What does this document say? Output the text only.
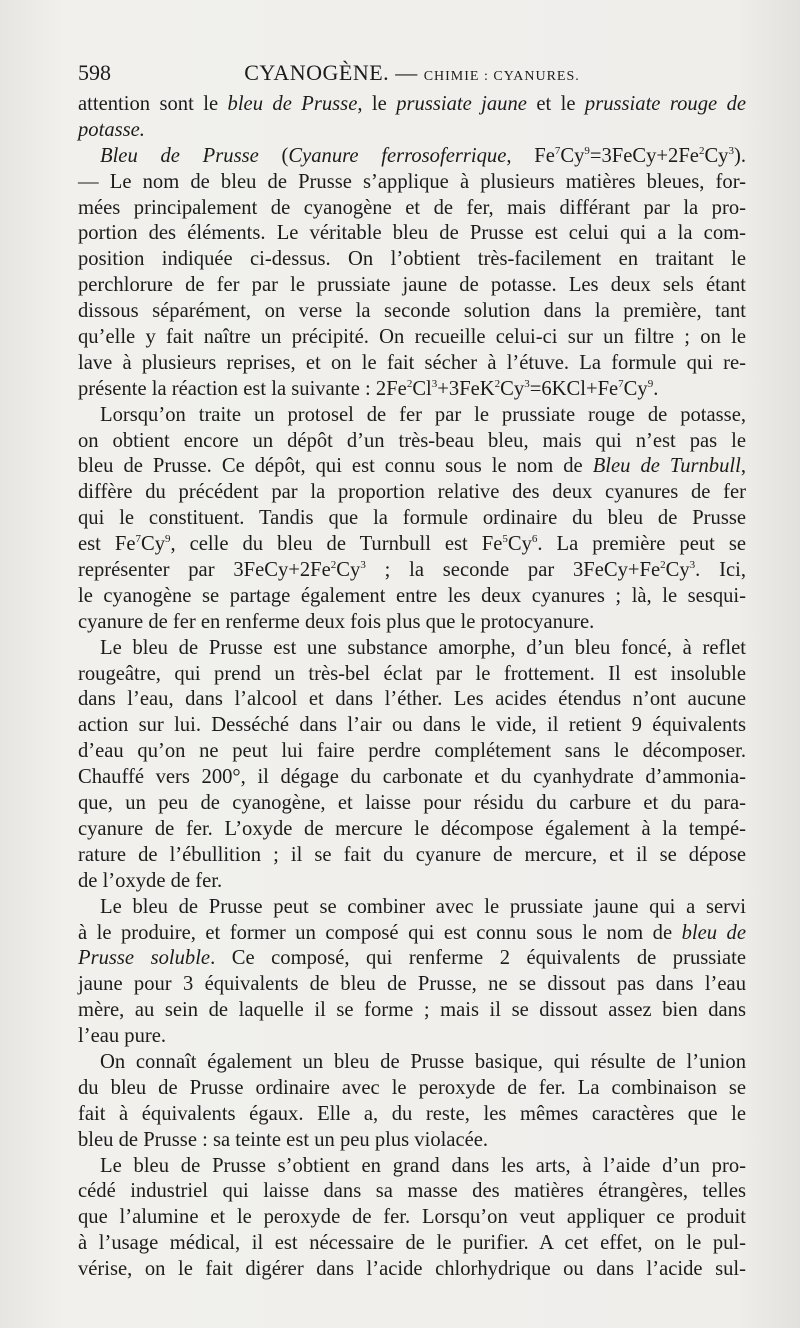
598	CYANOGÈNE. — CHIMIE : CYANURES.
attention sont le bleu de Prusse, le prussiate jaune et le prussiate rouge de
potasse.
Bleu de Prusse (Cyanure ferrosoferrique, $Fe^7Cy^9=3FeCy+2Fe^2Cy^3$).
— Le nom de bleu de Prusse s’applique à plusieurs matières bleues, for-
mées principalement de cyanogène et de fer, mais différant par la pro-
portion des éléments. Le véritable bleu de Prusse est celui qui a la com-
position indiquée ci-dessus. On l’obtient très-facilement en traitant le
perchlorure de fer par le prussiate jaune de potasse. Les deux sels étant
dissous séparément, on verse la seconde solution dans la première, tant
qu’elle y fait naître un précipité. On recueille celui-ci sur un filtre ; on le
lave à plusieurs reprises, et on le fait sécher à l’étuve. La formule qui re-
présente la réaction est la suivante : $2Fe^2Cl^3+3FeK^2Cy^3=6KCl+Fe^7Cy^9$.
Lorsqu’on traite un protosel de fer par le prussiate rouge de potasse,
on obtient encore un dépôt d’un très-beau bleu, mais qui n’est pas le
bleu de Prusse. Ce dépôt, qui est connu sous le nom de Bleu de Turnbull,
diffère du précédent par la proportion relative des deux cyanures de fer
qui le constituent. Tandis que la formule ordinaire du bleu de Prusse
est Fe$^7$Cy$^9$, celle du bleu de Turnbull est Fe$^5$Cy$^6$. La première peut se
représenter par $3FeCy+2Fe^2Cy^3$ ; la seconde par $3FeCy+Fe^2Cy^3$. Ici,
le cyanogène se partage également entre les deux cyanures ; là, le sesqui-
cyanure de fer en renferme deux fois plus que le protocyanure.
Le bleu de Prusse est une substance amorphe, d’un bleu foncé, à reflet
rougeâtre, qui prend un très-bel éclat par le frottement. Il est insoluble
dans l’eau, dans l’alcool et dans l’éther. Les acides étendus n’ont aucune
action sur lui. Desséché dans l’air ou dans le vide, il retient 9 équivalents
d’eau qu’on ne peut lui faire perdre complétement sans le décomposer.
Chauffé vers 200°, il dégage du carbonate et du cyanhydrate d’ammonia-
que, un peu de cyanogène, et laisse pour résidu du carbure et du para-
cyanure de fer. L’oxyde de mercure le décompose également à la tempé-
rature de l’ébullition ; il se fait du cyanure de mercure, et il se dépose
de l’oxyde de fer.
Le bleu de Prusse peut se combiner avec le prussiate jaune qui a servi
à le produire, et former un composé qui est connu sous le nom de bleu de
Prusse soluble. Ce composé, qui renferme 2 équivalents de prussiate
jaune pour 3 équivalents de bleu de Prusse, ne se dissout pas dans l’eau
mère, au sein de laquelle il se forme ; mais il se dissout assez bien dans
l’eau pure.
On connaît également un bleu de Prusse basique, qui résulte de l’union
du bleu de Prusse ordinaire avec le peroxyde de fer. La combinaison se
fait à équivalents égaux. Elle a, du reste, les mêmes caractères que le
bleu de Prusse : sa teinte est un peu plus violacée.
Le bleu de Prusse s’obtient en grand dans les arts, à l’aide d’un pro-
cédé industriel qui laisse dans sa masse des matières étrangères, telles
que l’alumine et le peroxyde de fer. Lorsqu’on veut appliquer ce produit
à l’usage médical, il est nécessaire de le purifier. A cet effet, on le pul-
vérise, on le fait digérer dans l’acide chlorhydrique ou dans l’acide sul-
